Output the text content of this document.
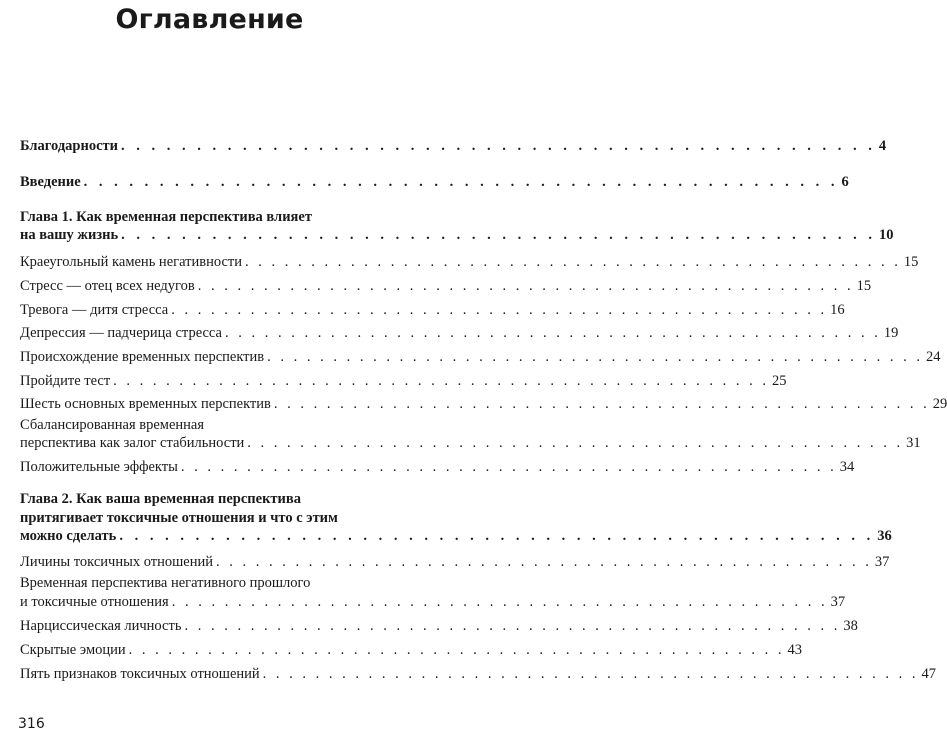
Оглавление
Благодарности . . . . . . . . . . . . . . . . . . . . . . . . . . . . . . . . . . . . . . . . . . . . . . . . . . 4
Введение . . . . . . . . . . . . . . . . . . . . . . . . . . . . . . . . . . . . . . . . . . . . . . . . . . 6
Глава 1. Как временная перспектива влияет
на вашу жизнь . . . . . . . . . . . . . . . . . . . . . . . . . . . . . . . . . . . . . . . . . . . . . . . . . . 10
Краеугольный камень негативности . . . . . . . . . . . . . . . . . . . . . . . . . . . . . . . . . . . . . . . . . . . . . . . . . . 15
Стресс — отец всех недугов . . . . . . . . . . . . . . . . . . . . . . . . . . . . . . . . . . . . . . . . . . . . . . . . . . 15
Тревога — дитя стресса . . . . . . . . . . . . . . . . . . . . . . . . . . . . . . . . . . . . . . . . . . . . . . . . . . 16
Депрессия — падчерица стресса . . . . . . . . . . . . . . . . . . . . . . . . . . . . . . . . . . . . . . . . . . . . . . . . . . 19
Происхождение временных перспектив . . . . . . . . . . . . . . . . . . . . . . . . . . . . . . . . . . . . . . . . . . . . . . . . . . 24
Пройдите тест . . . . . . . . . . . . . . . . . . . . . . . . . . . . . . . . . . . . . . . . . . . . . . . . . . 25
Шесть основных временных перспектив . . . . . . . . . . . . . . . . . . . . . . . . . . . . . . . . . . . . . . . . . . . . . . . . . . 29
Сбалансированная временная
перспектива как залог стабильности . . . . . . . . . . . . . . . . . . . . . . . . . . . . . . . . . . . . . . . . . . . . . . . . . . 31
Положительные эффекты . . . . . . . . . . . . . . . . . . . . . . . . . . . . . . . . . . . . . . . . . . . . . . . . . . 34
Глава 2. Как ваша временная перспектива
притягивает токсичные отношения и что с этим
можно сделать . . . . . . . . . . . . . . . . . . . . . . . . . . . . . . . . . . . . . . . . . . . . . . . . . . 36
Личины токсичных отношений . . . . . . . . . . . . . . . . . . . . . . . . . . . . . . . . . . . . . . . . . . . . . . . . . . 37
Временная перспектива негативного прошлого
и токсичные отношения . . . . . . . . . . . . . . . . . . . . . . . . . . . . . . . . . . . . . . . . . . . . . . . . . . 37
Нарциссическая личность . . . . . . . . . . . . . . . . . . . . . . . . . . . . . . . . . . . . . . . . . . . . . . . . . . 38
Скрытые эмоции . . . . . . . . . . . . . . . . . . . . . . . . . . . . . . . . . . . . . . . . . . . . . . . . . . 43
Пять признаков токсичных отношений . . . . . . . . . . . . . . . . . . . . . . . . . . . . . . . . . . . . . . . . . . . . . . . . . . 47
316
